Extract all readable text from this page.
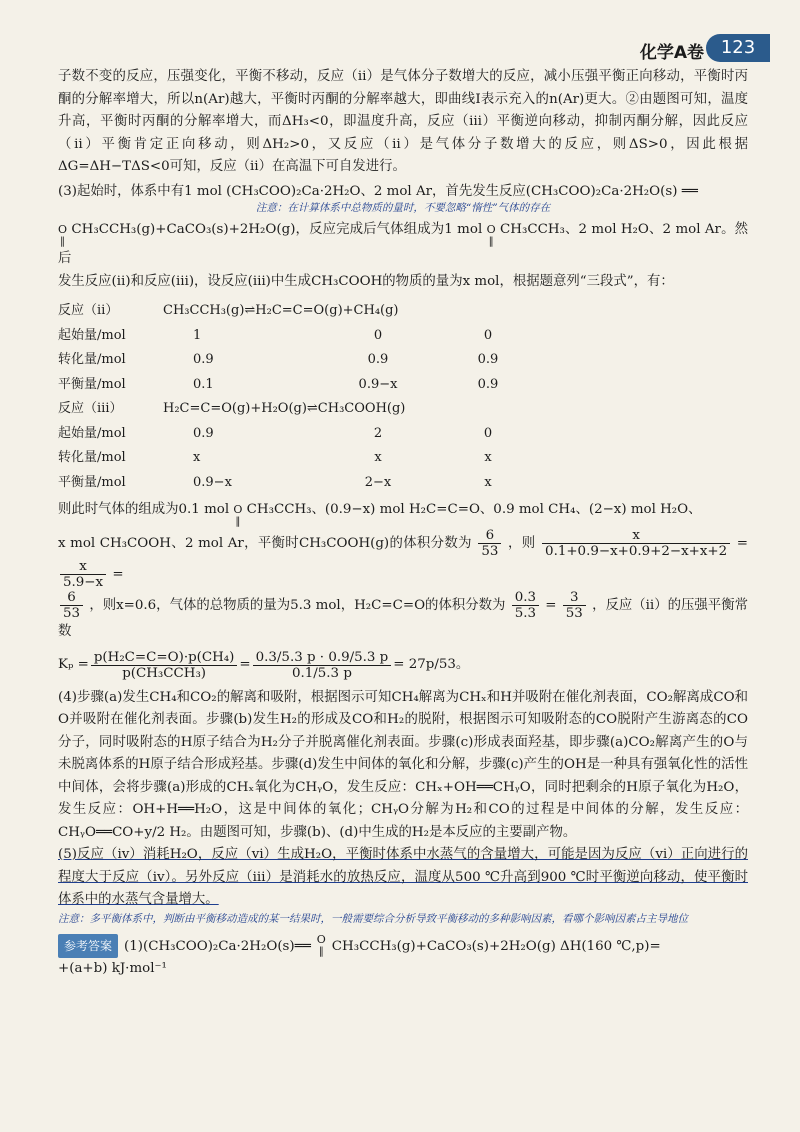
化学A卷 123

子数不变的反应，压强变化，平衡不移动，反应（ⅱ）是气体分子数增大的反应，减小压强平衡正向移动，平衡时丙酮的分解率增大，所以n(Ar)越大，平衡时丙酮的分解率越大，即曲线Ⅰ表示充入的n(Ar)更大。②由题图可知，温度升高，平衡时丙酮的分解率增大，而ΔH₃<0，即温度升高，反应（ⅲ）平衡逆向移动，抑制丙酮分解，因此反应（ⅱ）平衡肯定正向移动，则ΔH₂>0，又反应（ⅱ）是气体分子数增大的反应，则ΔS>0，因此根据ΔG=ΔH−TΔS<0可知，反应（ⅱ）在高温下可自发进行。

(3)起始时，体系中有1 mol (CH₃COO)₂Ca·2H₂O、2 mol Ar，首先发生反应(CH₃COO)₂Ca·2H₂O(s) ══

注意：在计算体系中总物质的量时，不要忽略“惰性”气体的存在
O
‖
CH₃CCH₃(g)+CaCO₃(s)+2H₂O(g)，反应完成后气体组成为1 mol O
‖
CH₃CCH₃、2 mol H₂O、2 mol Ar。然后

发生反应(ⅱ)和反应(ⅲ)，设反应(ⅲ)中生成CH₃COOH的物质的量为x mol，根据题意列“三段式”，有：

反应（ⅱ）	CH₃CCH₃(g)⇌H₂C=C=O(g)+CH₄(g)		
起始量/mol	1	0	0
转化量/mol	0.9	0.9	0.9
平衡量/mol	0.1	0.9−x	0.9
反应（ⅲ）	H₂C=C=O(g)+H₂O(g)⇌CH₃COOH(g)		
起始量/mol	0.9	2	0
转化量/mol	x	x	x
平衡量/mol	0.9−x	2−x	x
则此时气体的组成为0.1 mol O
‖
CH₃CCH₃、(0.9−x) mol H₂C=C=O、0.9 mol CH₄、(2−x) mol H₂O、
x mol CH₃COOH、2 mol Ar，平衡时CH₃COOH(g)的体积分数为 $\frac{6}{53}$ ，则 $\frac{x}{0.1+0.9-x+0.9+2-x+x+2}$ =
$\frac{x}{5.9-x}$ =
$\frac{6}{53}$ ，则x=0.6，气体的总物质的量为5.3 mol，H₂C=C=O的体积分数为 $\frac{0.3}{5.3} = \frac{3}{53}$ ，反应（ⅱ）的压强平衡常数
$K_p = \frac{\text{p(H₂C=C=O)·p(CH₄)}}{\text{p(CH₃CCH₃)}} = \frac{0.3/5.3 p \cdot 0.9/5.3 p}{0.1/5.3 p} = 27p/53$。

(4)步骤(a)发生CH₄和CO₂的解离和吸附，根据图示可知CH₄解离为CHₓ和H并吸附在催化剂表面，CO₂解离成CO和O并吸附在催化剂表面。步骤(b)发生H₂的形成及CO和H₂的脱附，根据图示可知吸附态的CO脱附产生游离态的CO分子，同时吸附态的H原子结合为H₂分子并脱离催化剂表面。步骤(c)形成表面羟基，即步骤(a)CO₂解离产生的O与未脱离体系的H原子结合形成羟基。步骤(d)发生中间体的氧化和分解，步骤(c)产生的OH是一种具有强氧化性的活性中间体，会将步骤(a)形成的CHₓ氧化为CHᵧO，发生反应：CHₓ+OH══CHᵧO，同时把剩余的H原子氧化为H₂O，发生反应：OH+H══H₂O，这是中间体的氧化；CHᵧO分解为H₂和CO的过程是中间体的分解，发生反应：CHᵧO══CO+y/2 H₂。由题图可知，步骤(b)、(d)中生成的H₂是本反应的主要副产物。

(5)反应（ⅳ）消耗H₂O，反应（ⅵ）生成H₂O，平衡时体系中水蒸气的含量增大，可能是因为反应（ⅵ）正向进行的程度大于反应（ⅳ）。另外反应（ⅲ）是消耗水的放热反应，温度从500 ℃升高到900 ℃时平衡逆向移动，使平衡时体系中的水蒸气含量增大。

注意：多平衡体系中，判断由平衡移动造成的某一结果时，一般需要综合分析导致平衡移动的多种影响因素，看哪个影响因素占主导地位
参考答案 (1)(CH₃COO)₂Ca·2H₂O(s)══ O
‖ CH₃CCH₃(g)+CaCO₃(s)+2H₂O(g) ΔH(160 ℃,p)=
+(a+b) kJ·mol⁻¹
